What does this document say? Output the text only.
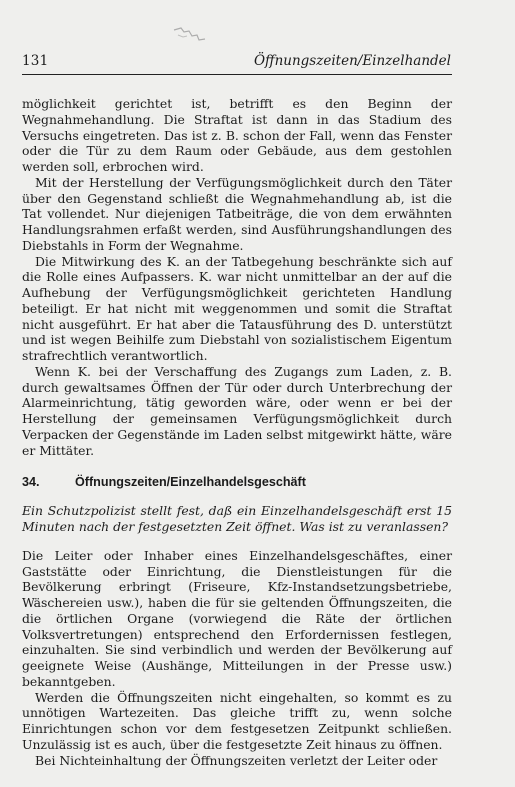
131	Öffnungszeiten/Einzelhandel

möglichkeit gerichtet ist, betrifft es den Beginn der Wegnahmehandlung. Die Straftat ist dann in das Stadium des Versuchs eingetreten. Das ist z. B. schon der Fall, wenn das Fenster oder die Tür zu dem Raum oder Gebäude, aus dem gestohlen werden soll, erbrochen wird.

Mit der Herstellung der Verfügungsmöglichkeit durch den Täter über den Gegenstand schließt die Wegnahmehandlung ab, ist die Tat vollendet. Nur diejenigen Tatbeiträge, die von dem erwähnten Handlungsrahmen erfaßt werden, sind Ausführungshandlungen des Diebstahls in Form der Wegnahme.

Die Mitwirkung des K. an der Tatbegehung beschränkte sich auf die Rolle eines Aufpassers. K. war nicht unmittelbar an der auf die Aufhebung der Verfügungsmöglichkeit gerichteten Handlung beteiligt. Er hat nicht mit weggenommen und somit die Straftat nicht ausgeführt. Er hat aber die Tatausführung des D. unterstützt und ist wegen Beihilfe zum Diebstahl von sozialistischem Eigentum strafrechtlich verantwortlich.

Wenn K. bei der Verschaffung des Zugangs zum Laden, z. B. durch gewaltsames Öffnen der Tür oder durch Unterbrechung der Alarmeinrichtung, tätig geworden wäre, oder wenn er bei der Herstellung der gemeinsamen Verfügungsmöglichkeit durch Verpacken der Gegenstände im Laden selbst mitgewirkt hätte, wäre er Mittäter.

34.	Öffnungszeiten/Einzelhandelsgeschäft

Ein Schutzpolizist stellt fest, daß ein Einzelhandelsgeschäft erst 15 Minuten nach der festgesetzten Zeit öffnet. Was ist zu veranlassen?

Die Leiter oder Inhaber eines Einzelhandelsgeschäftes, einer Gaststätte oder Einrichtung, die Dienstleistungen für die Bevölkerung erbringt (Friseure, Kfz-Instandsetzungsbetriebe, Wäschereien usw.), haben die für sie geltenden Öffnungszeiten, die die örtlichen Organe (vorwiegend die Räte der örtlichen Volksvertretungen) entsprechend den Erfordernissen festlegen, einzuhalten. Sie sind verbindlich und werden der Bevölkerung auf geeignete Weise (Aushänge, Mitteilungen in der Presse usw.) bekanntgeben.

Werden die Öffnungszeiten nicht eingehalten, so kommt es zu unnötigen Wartezeiten. Das gleiche trifft zu, wenn solche Einrichtungen schon vor dem festgesetzen Zeitpunkt schließen. Unzulässig ist es auch, über die festgesetzte Zeit hinaus zu öffnen.

Bei Nichteinhaltung der Öffnungszeiten verletzt der Leiter oder
